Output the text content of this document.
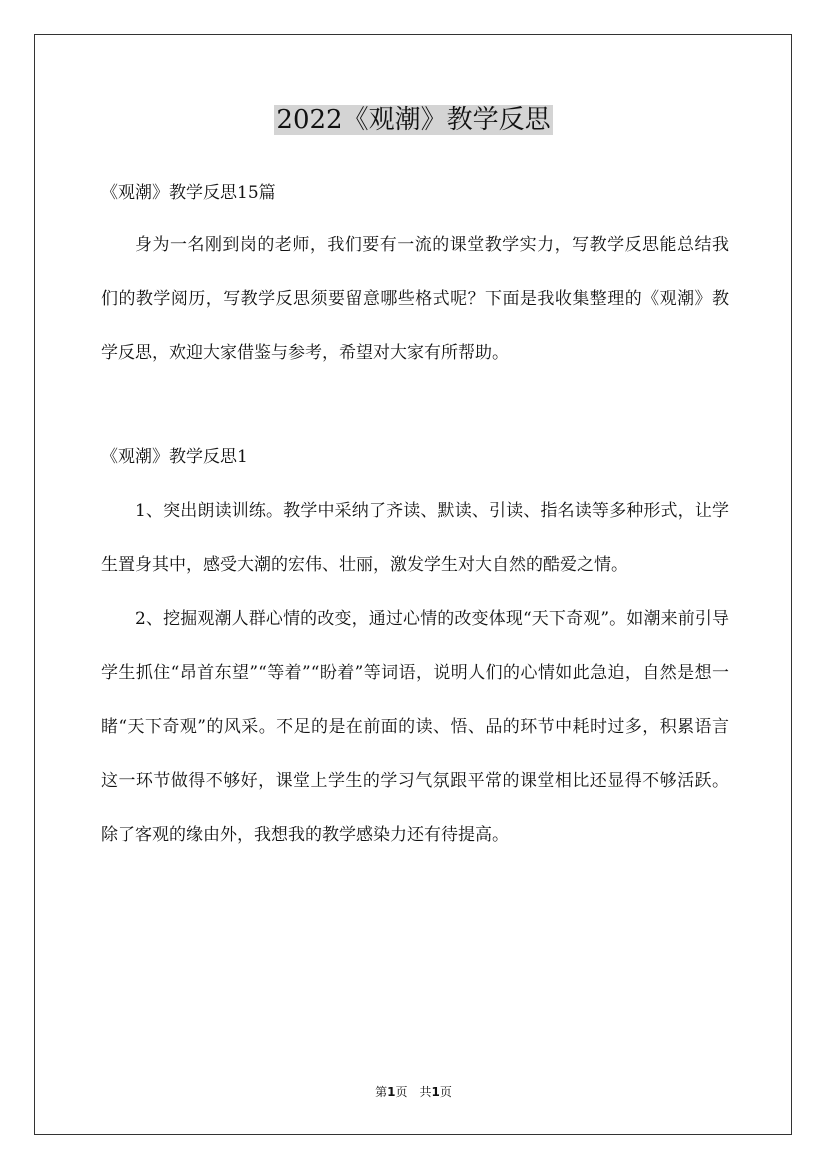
2022《观潮》教学反思

《观潮》教学反思15篇

身为一名刚到岗的老师，我们要有一流的课堂教学实力，写教学反思能总结我们的教学阅历，写教学反思须要留意哪些格式呢？下面是我收集整理的《观潮》教学反思，欢迎大家借鉴与参考，希望对大家有所帮助。

《观潮》教学反思1

1、突出朗读训练。教学中采纳了齐读、默读、引读、指名读等多种形式，让学生置身其中，感受大潮的宏伟、壮丽，激发学生对大自然的酷爱之情。

2、挖掘观潮人群心情的改变，通过心情的改变体现“天下奇观”。如潮来前引导学生抓住“昂首东望”“等着”“盼着”等词语，说明人们的心情如此急迫，自然是想一睹“天下奇观”的风采。不足的是在前面的读、悟、品的环节中耗时过多，积累语言这一环节做得不够好，课堂上学生的学习气氛跟平常的课堂相比还显得不够活跃。除了客观的缘由外，我想我的教学感染力还有待提高。

第1页　共1页
